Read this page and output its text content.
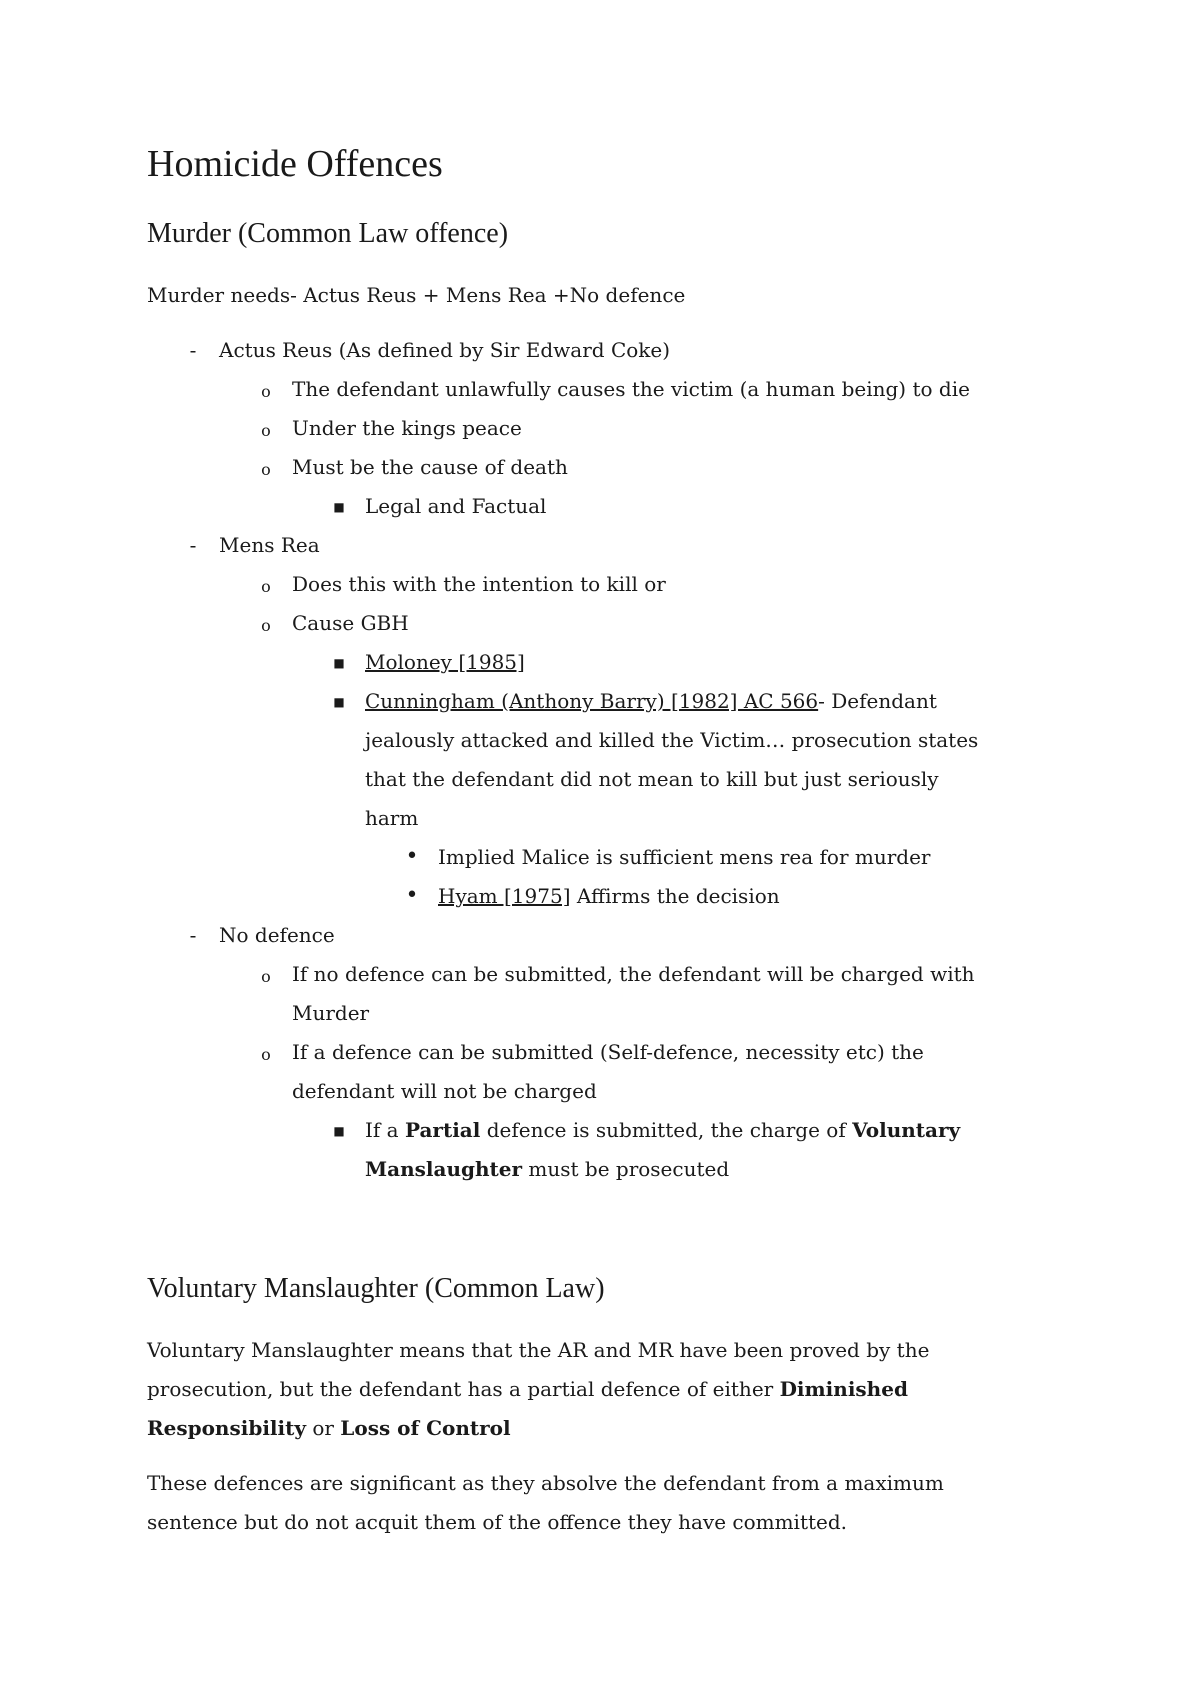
Homicide Offences
Murder (Common Law offence)

Murder needs- Actus Reus + Mens Rea +No defence

-	Actus Reus (As defined by Sir Edward Coke)
o The defendant unlawfully causes the victim (a human being) to die
o Under the kings peace
o Must be the cause of death
■ Legal and Factual
-	Mens Rea
o Does this with the intention to kill or
o Cause GBH
■ Moloney [1985]
■ Cunningham (Anthony Barry) [1982] AC 566- Defendant
jealously attacked and killed the Victim… prosecution states
that the defendant did not mean to kill but just seriously
harm
• Implied Malice is sufficient mens rea for murder
• Hyam [1975] Affirms the decision
-	No defence
o If no defence can be submitted, the defendant will be charged with
Murder
o If a defence can be submitted (Self-defence, necessity etc) the
defendant will not be charged
■ If a Partial defence is submitted, the charge of Voluntary
Manslaughter must be prosecuted
Voluntary Manslaughter (Common Law)

Voluntary Manslaughter means that the AR and MR have been proved by the
prosecution, but the defendant has a partial defence of either Diminished
Responsibility or Loss of Control

These defences are significant as they absolve the defendant from a maximum
sentence but do not acquit them of the offence they have committed.
